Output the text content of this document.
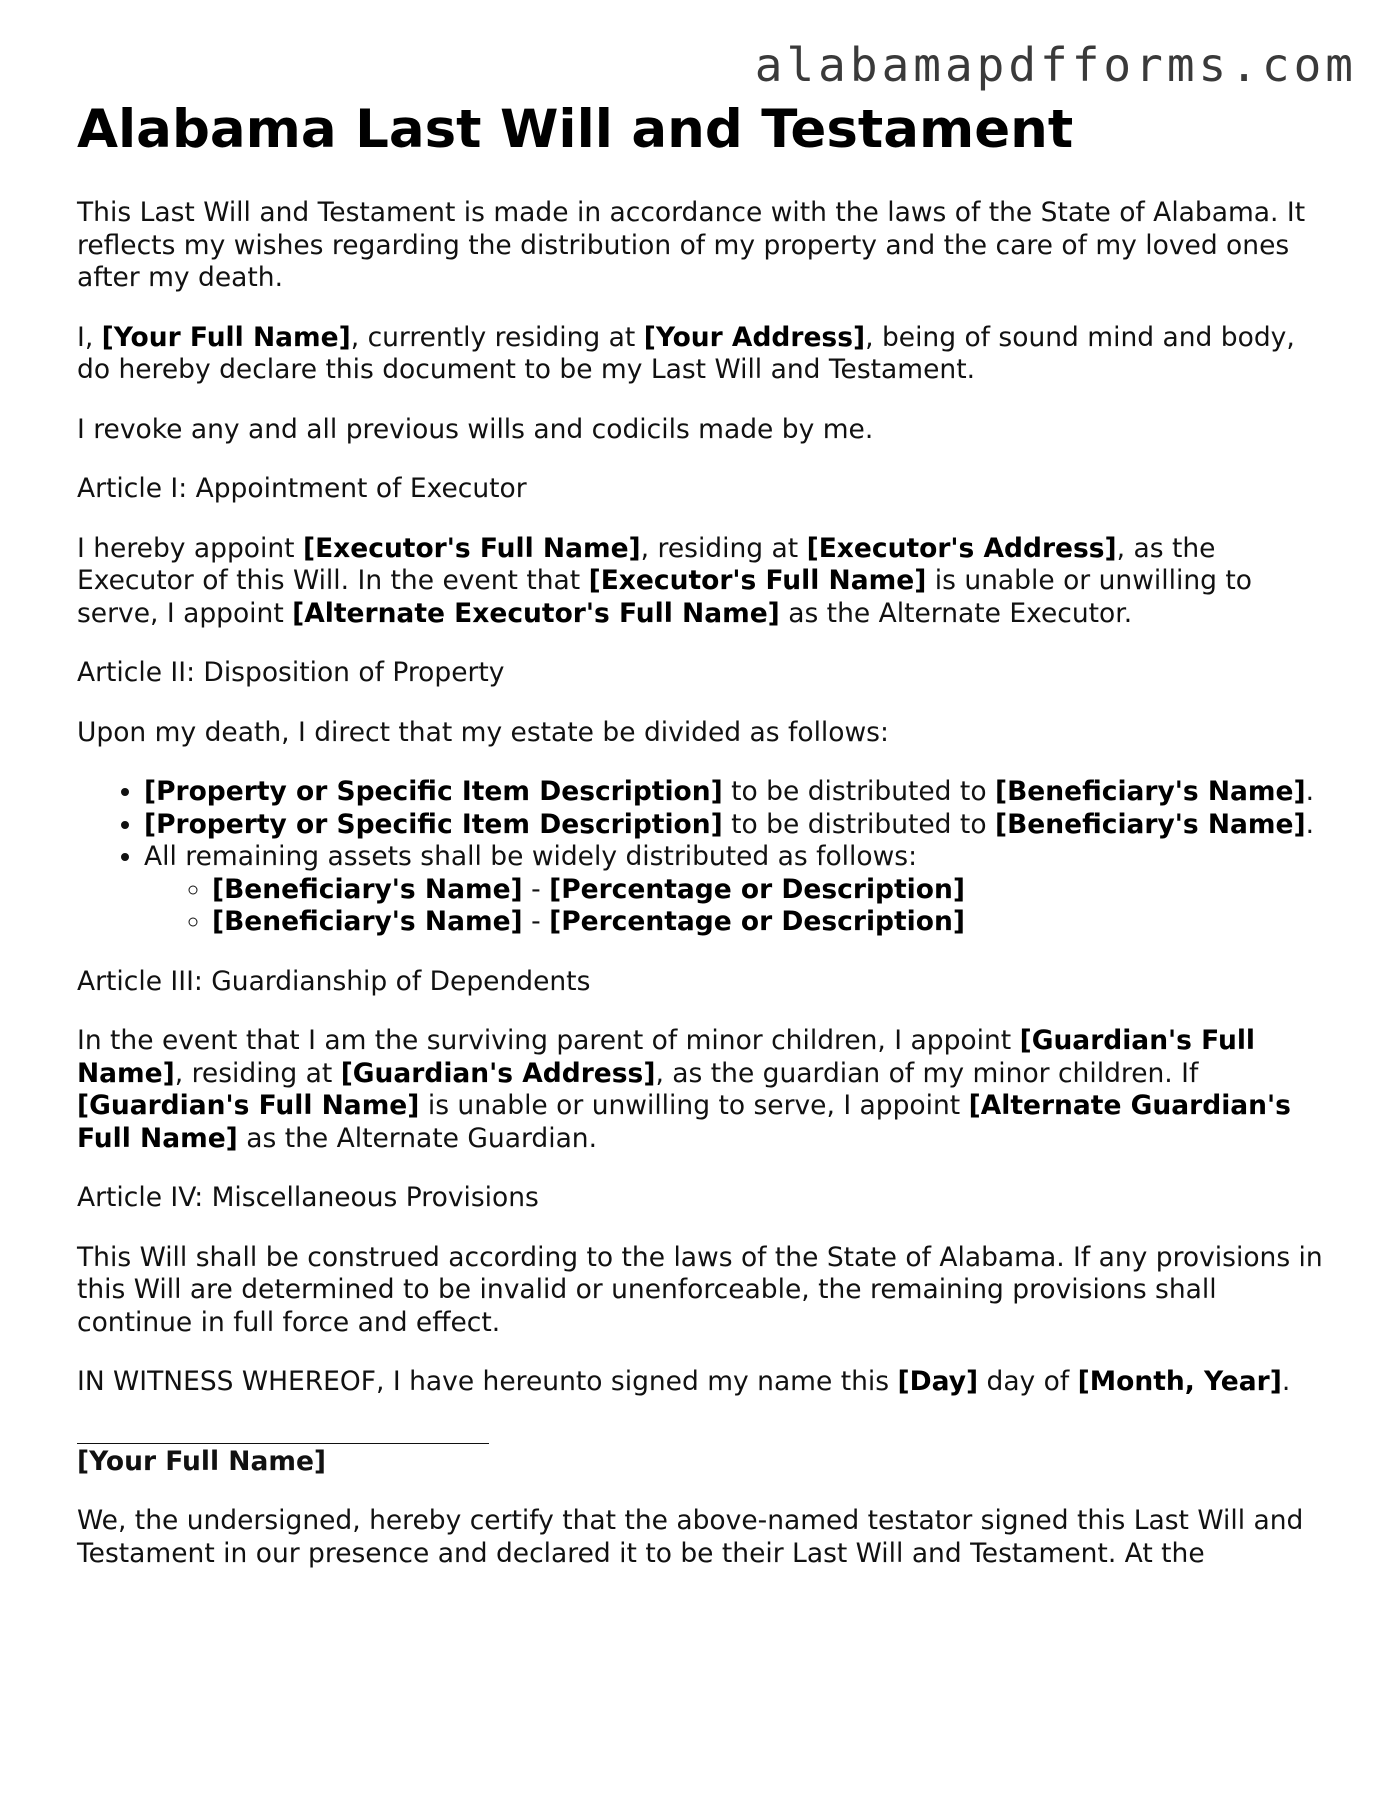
alabamapdfforms.com
Alabama Last Will and Testament

This Last Will and Testament is made in accordance with the laws of the State of Alabama. It reflects my wishes regarding the distribution of my property and the care of my loved ones after my death.

I, [Your Full Name], currently residing at [Your Address], being of sound mind and body, do hereby declare this document to be my Last Will and Testament.

I revoke any and all previous wills and codicils made by me.

Article I: Appointment of Executor

I hereby appoint [Executor's Full Name], residing at [Executor's Address], as the Executor of this Will. In the event that [Executor's Full Name] is unable or unwilling to serve, I appoint [Alternate Executor's Full Name] as the Alternate Executor.

Article II: Disposition of Property

Upon my death, I direct that my estate be divided as follows:

• [Property or Specific Item Description] to be distributed to [Beneficiary's Name].
• [Property or Specific Item Description] to be distributed to [Beneficiary's Name].
• All remaining assets shall be widely distributed as follows:
◦ [Beneficiary's Name] - [Percentage or Description]
◦ [Beneficiary's Name] - [Percentage or Description]

Article III: Guardianship of Dependents

In the event that I am the surviving parent of minor children, I appoint [Guardian's Full Name], residing at [Guardian's Address], as the guardian of my minor children. If [Guardian's Full Name] is unable or unwilling to serve, I appoint [Alternate Guardian's Full Name] as the Alternate Guardian.

Article IV: Miscellaneous Provisions

This Will shall be construed according to the laws of the State of Alabama. If any provisions in this Will are determined to be invalid or unenforceable, the remaining provisions shall continue in full force and effect.

IN WITNESS WHEREOF, I have hereunto signed my name this [Day] day of [Month, Year].

[Your Full Name]

We, the undersigned, hereby certify that the above-named testator signed this Last Will and Testament in our presence and declared it to be their Last Will and Testament. At the
